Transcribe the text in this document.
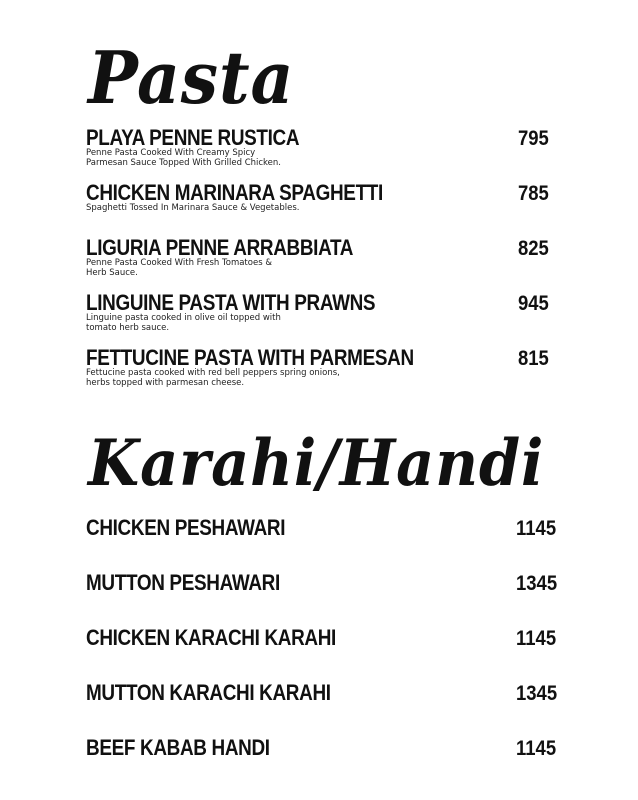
Pasta
PLAYA PENNE RUSTICA	795
Penne Pasta Cooked With Creamy Spicy
Parmesan Sauce Topped With Grilled Chicken.
CHICKEN MARINARA SPAGHETTI	785
Spaghetti Tossed In Marinara Sauce & Vegetables.
LIGURIA PENNE ARRABBIATA	825
Penne Pasta Cooked With Fresh Tomatoes &
Herb Sauce.
LINGUINE PASTA WITH PRAWNS	945
Linguine pasta cooked in olive oil topped with
tomato herb sauce.
FETTUCINE PASTA WITH PARMESAN	815
Fettucine pasta cooked with red bell peppers spring onions,
herbs topped with parmesan cheese.
Karahi/Handi
CHICKEN PESHAWARI	1145
MUTTON PESHAWARI	1345
CHICKEN KARACHI KARAHI	1145
MUTTON KARACHI KARAHI	1345
BEEF KABAB HANDI	1145
